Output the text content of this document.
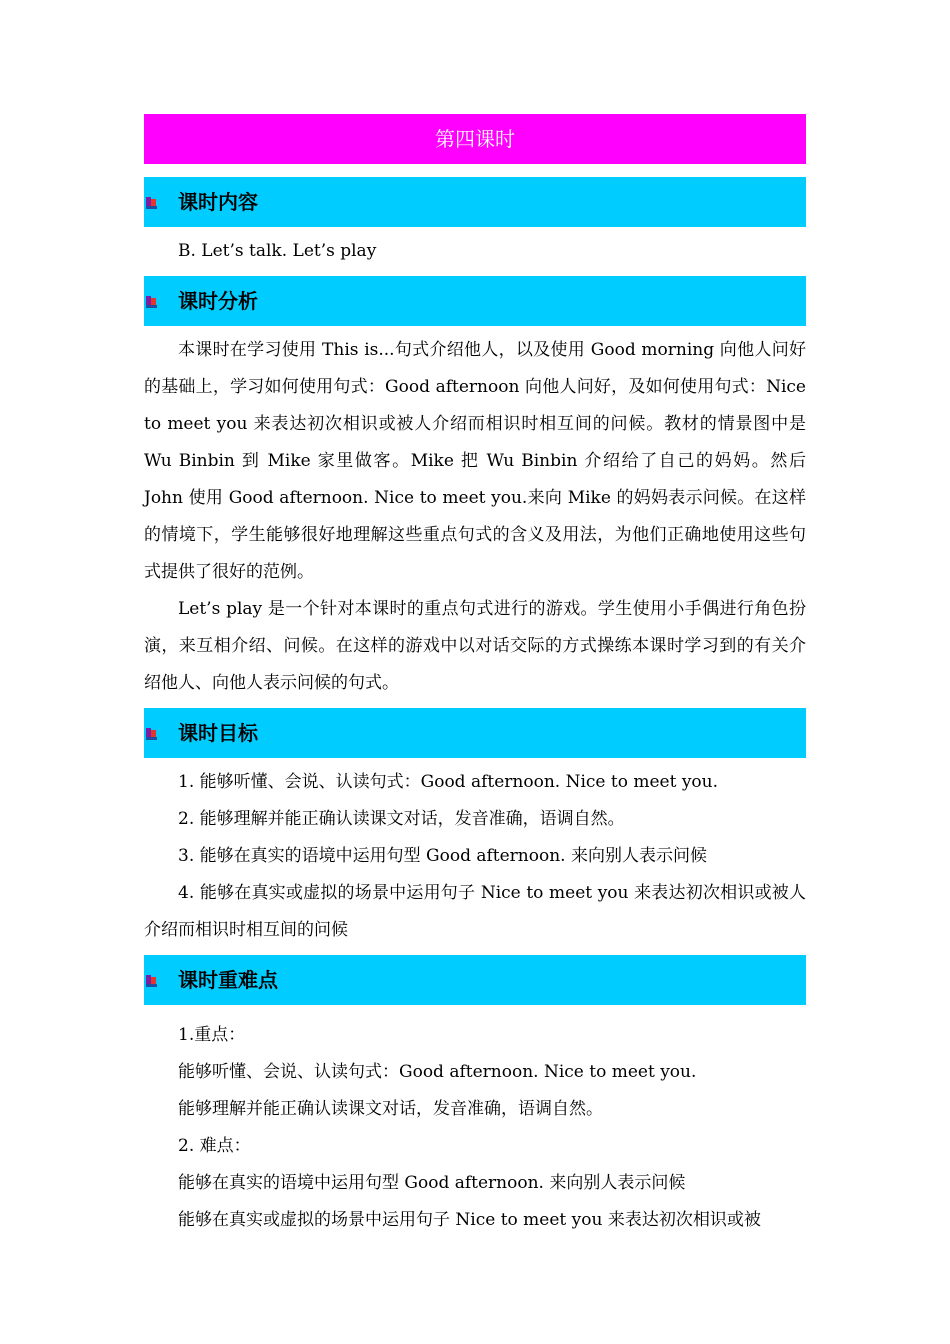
第四课时
课时内容

B. Let’s talk. Let’s play

课时分析

本课时在学习使用 This is...句式介绍他人，以及使用 Good morning 向他人问好的基础上，学习如何使用句式：Good afternoon 向他人问好，及如何使用句式：Nice to meet you 来表达初次相识或被人介绍而相识时相互间的问候。教材的情景图中是 Wu Binbin 到 Mike 家里做客。Mike 把 Wu Binbin 介绍给了自己的妈妈。然后 John 使用 Good afternoon. Nice to meet you.来向 Mike 的妈妈表示问候。在这样的情境下，学生能够很好地理解这些重点句式的含义及用法，为他们正确地使用这些句式提供了很好的范例。

Let’s play 是一个针对本课时的重点句式进行的游戏。学生使用小手偶进行角色扮演，来互相介绍、问候。在这样的游戏中以对话交际的方式操练本课时学习到的有关介绍他人、向他人表示问候的句式。

课时目标

1. 能够听懂、会说、认读句式：Good afternoon. Nice to meet you.

2. 能够理解并能正确认读课文对话，发音准确，语调自然。

3. 能够在真实的语境中运用句型 Good afternoon. 来向别人表示问候

4. 能够在真实或虚拟的场景中运用句子 Nice to meet you 来表达初次相识或被人介绍而相识时相互间的问候

课时重难点

1.重点：

能够听懂、会说、认读句式：Good afternoon. Nice to meet you.

能够理解并能正确认读课文对话，发音准确，语调自然。

2. 难点：

能够在真实的语境中运用句型 Good afternoon. 来向别人表示问候

能够在真实或虚拟的场景中运用句子 Nice to meet you 来表达初次相识或被
